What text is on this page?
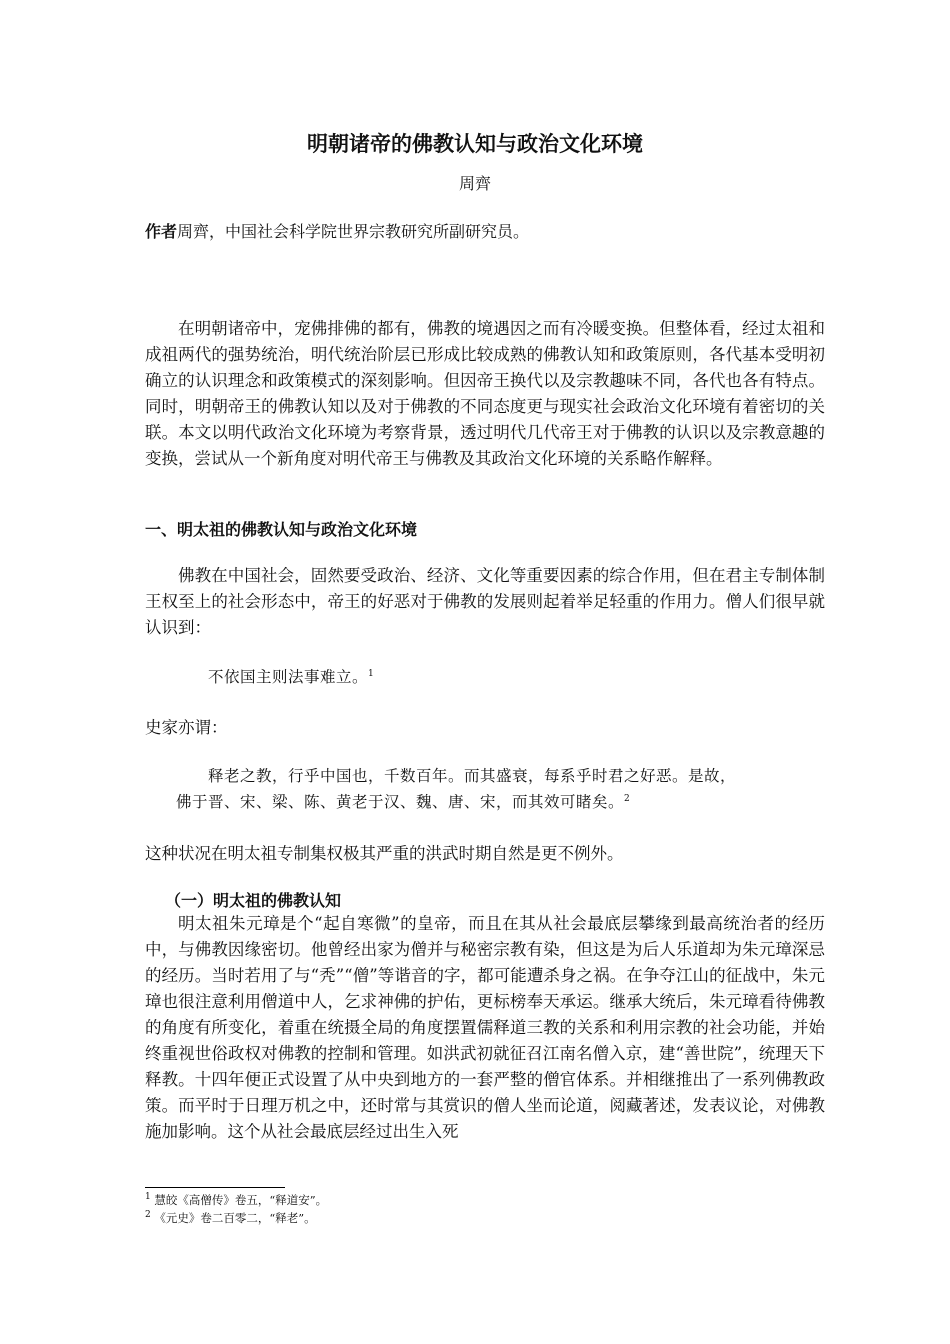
明朝诸帝的佛教认知与政治文化环境
周齊
作者周齊，中国社会科学院世界宗教研究所副研究员。

在明朝诸帝中，宠佛排佛的都有，佛教的境遇因之而有冷暖变换。但整体看，经过太祖和成祖两代的强势统治，明代统治阶层已形成比较成熟的佛教认知和政策原则，各代基本受明初确立的认识理念和政策模式的深刻影响。但因帝王换代以及宗教趣味不同，各代也各有特点。同时，明朝帝王的佛教认知以及对于佛教的不同态度更与现实社会政治文化环境有着密切的关联。本文以明代政治文化环境为考察背景，透过明代几代帝王对于佛教的认识以及宗教意趣的变换，尝试从一个新角度对明代帝王与佛教及其政治文化环境的关系略作解释。

一、明太祖的佛教认知与政治文化环境

佛教在中国社会，固然要受政治、经济、文化等重要因素的综合作用，但在君主专制体制王权至上的社会形态中，帝王的好恶对于佛教的发展则起着举足轻重的作用力。僧人们很早就认识到：

不依国主则法事难立。$^1$

史家亦谓：

释老之教，行乎中国也，千数百年。而其盛衰，每系乎时君之好恶。是故，
佛于晋、宋、梁、陈、黄老于汉、魏、唐、宋，而其效可睹矣。$^2$

这种状况在明太祖专制集权极其严重的洪武时期自然是更不例外。

（一）明太祖的佛教认知

明太祖朱元璋是个“起自寒微”的皇帝，而且在其从社会最底层攀缘到最高统治者的经历中，与佛教因缘密切。他曾经出家为僧并与秘密宗教有染，但这是为后人乐道却为朱元璋深忌的经历。当时若用了与“秃”“僧”等谐音的字，都可能遭杀身之祸。在争夺江山的征战中，朱元璋也很注意利用僧道中人，乞求神佛的护佑，更标榜奉天承运。继承大统后，朱元璋看待佛教的角度有所变化，着重在统摄全局的角度摆置儒释道三教的关系和利用宗教的社会功能，并始终重视世俗政权对佛教的控制和管理。如洪武初就征召江南名僧入京，建“善世院”，统理天下释教。十四年便正式设置了从中央到地方的一套严整的僧官体系。并相继推出了一系列佛教政策。而平时于日理万机之中，还时常与其赏识的僧人坐而论道，阅藏著述，发表议论，对佛教施加影响。这个从社会最底层经过出生入死

$^1$ 慧皎《高僧传》卷五，“释道安”。
$^2$ 《元史》卷二百零二，“释老”。
